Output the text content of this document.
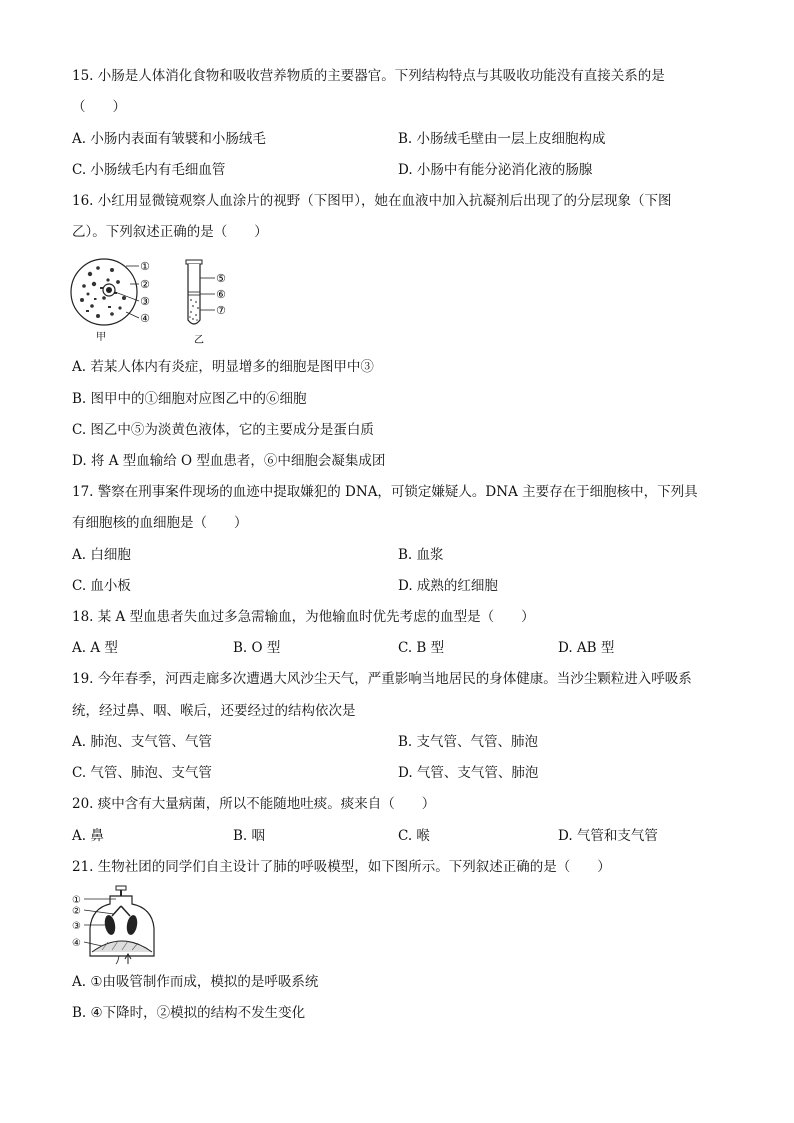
15. 小肠是人体消化食物和吸收营养物质的主要器官。下列结构特点与其吸收功能没有直接关系的是
（　　）
A. 小肠内表面有皱襞和小肠绒毛	B. 小肠绒毛壁由一层上皮细胞构成
C. 小肠绒毛内有毛细血管	D. 小肠中有能分泌消化液的肠腺
16. 小红用显微镜观察人血涂片的视野（下图甲），她在血液中加入抗凝剂后出现了的分层现象（下图
乙）。下列叙述正确的是（　　）
①
②
③
④
甲
⑤
⑥
⑦
乙
A. 若某人体内有炎症，明显增多的细胞是图甲中③
B. 图甲中的①细胞对应图乙中的⑥细胞
C. 图乙中⑤为淡黄色液体，它的主要成分是蛋白质
D. 将 A 型血输给 O 型血患者，⑥中细胞会凝集成团
17. 警察在刑事案件现场的血迹中提取嫌犯的 DNA，可锁定嫌疑人。DNA 主要存在于细胞核中，下列具
有细胞核的血细胞是（　　）
A. 白细胞	B. 血浆
C. 血小板	D. 成熟的红细胞
18. 某 A 型血患者失血过多急需输血，为他输血时优先考虑的血型是（　　）
A. A 型	B. O 型	C. B 型	D. AB 型
19. 今年春季，河西走廊多次遭遇大风沙尘天气，严重影响当地居民的身体健康。当沙尘颗粒进入呼吸系
统，经过鼻、咽、喉后，还要经过的结构依次是
A. 肺泡、支气管、气管	B. 支气管、气管、肺泡
C. 气管、肺泡、支气管	D. 气管、支气管、肺泡
20. 痰中含有大量病菌，所以不能随地吐痰。痰来自（　　）
A. 鼻	B. 咽	C. 喉	D. 气管和支气管
21. 生物社团的同学们自主设计了肺的呼吸模型，如下图所示。下列叙述正确的是（　　）
①
②
③
④
A. ①由吸管制作而成，模拟的是呼吸系统
B. ④下降时，②模拟的结构不发生变化
